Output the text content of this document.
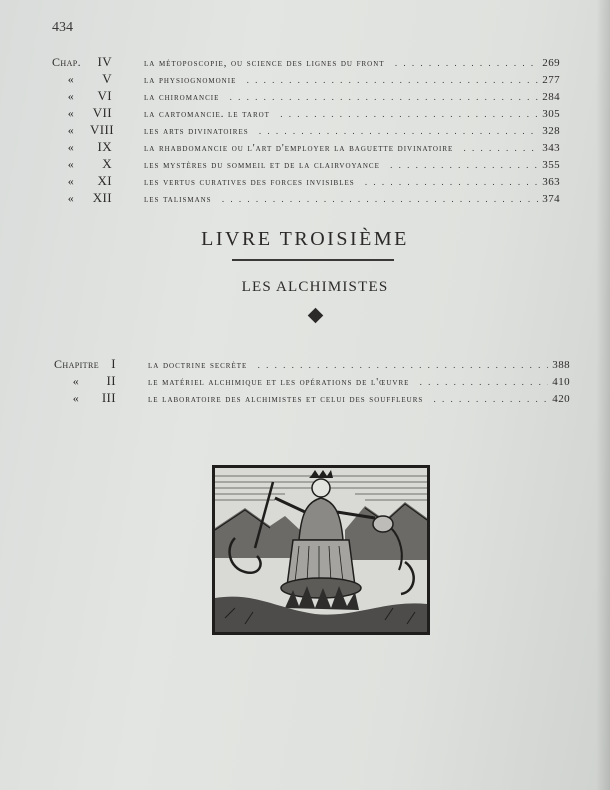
434
Chap.	IV	la métoposcopie, ou science des lignes du front . . .	269
«	V	la physiognomonie . . .	277
«	VI	la chiromancie . . .	284
«	VII	la cartomancie. le tarot . . .	305
«	VIII	les arts divinatoires . . .	328
«	IX	la rhabdomancie ou l'art d'employer la baguette divinatoire . . .	343
«	X	les mystères du sommeil et de la clairvoyance . . .	355
«	XI	les vertus curatives des forces invisibles . . .	363
«	XII	les talismans . . .	374
LIVRE TROISIÈME
LES ALCHIMISTES
Chapitre I	la doctrine secrète . . .	388
«	II	le matériel alchimique et les opérations de l'œuvre . . .	410
«	III	le laboratoire des alchimistes et celui des souffleurs . . .	420
